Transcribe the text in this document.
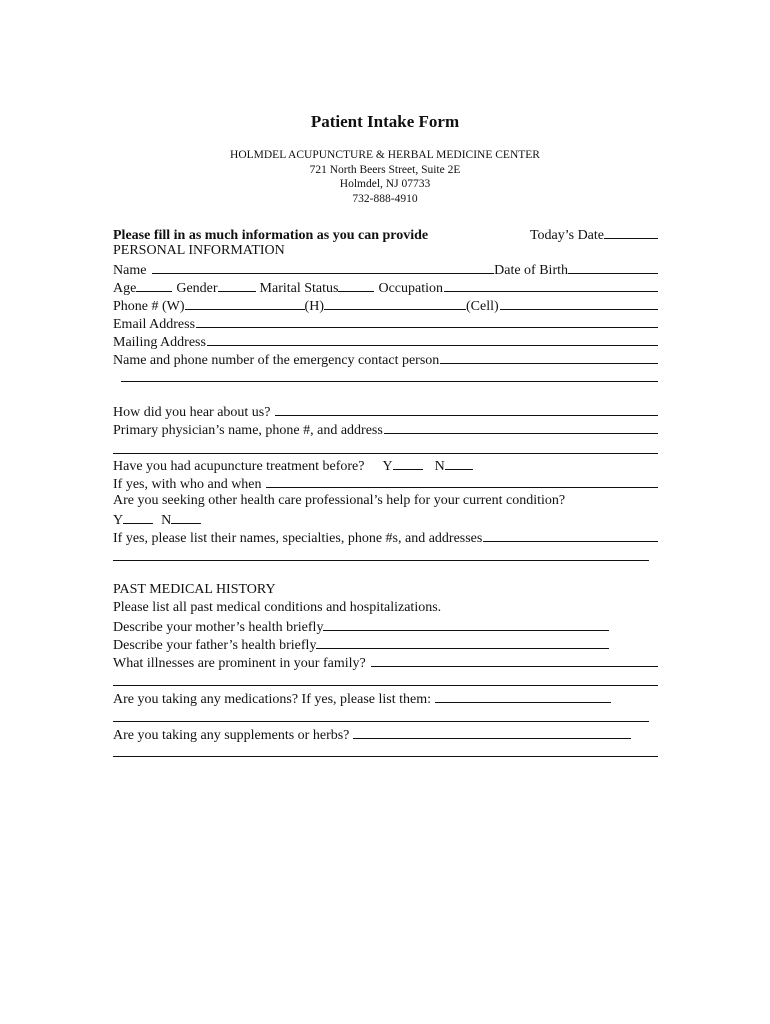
Patient Intake Form
HOLMDEL ACUPUNCTURE & HERBAL MEDICINE CENTER
721 North Beers Street, Suite 2E
Holmdel, NJ 07733
732-888-4910
Please fill in as much information as you can provide	Today’s Date
PERSONAL INFORMATION
Name	Date of Birth
Age	Gender	Marital Status	Occupation
Phone # (W)	(H)	(Cell)
Email Address
Mailing Address
Name and phone number of the emergency contact person
How did you hear about us?
Primary physician’s name, phone #, and address
Have you had acupuncture treatment before? Y	N
If yes, with who and when
Are you seeking other health care professional’s help for your current condition?
Y	N
If yes, please list their names, specialties, phone #s, and addresses
PAST MEDICAL HISTORY
Please list all past medical conditions and hospitalizations.
Describe your mother’s health briefly
Describe your father’s health briefly
What illnesses are prominent in your family?
Are you taking any medications? If yes, please list them:
Are you taking any supplements or herbs?
